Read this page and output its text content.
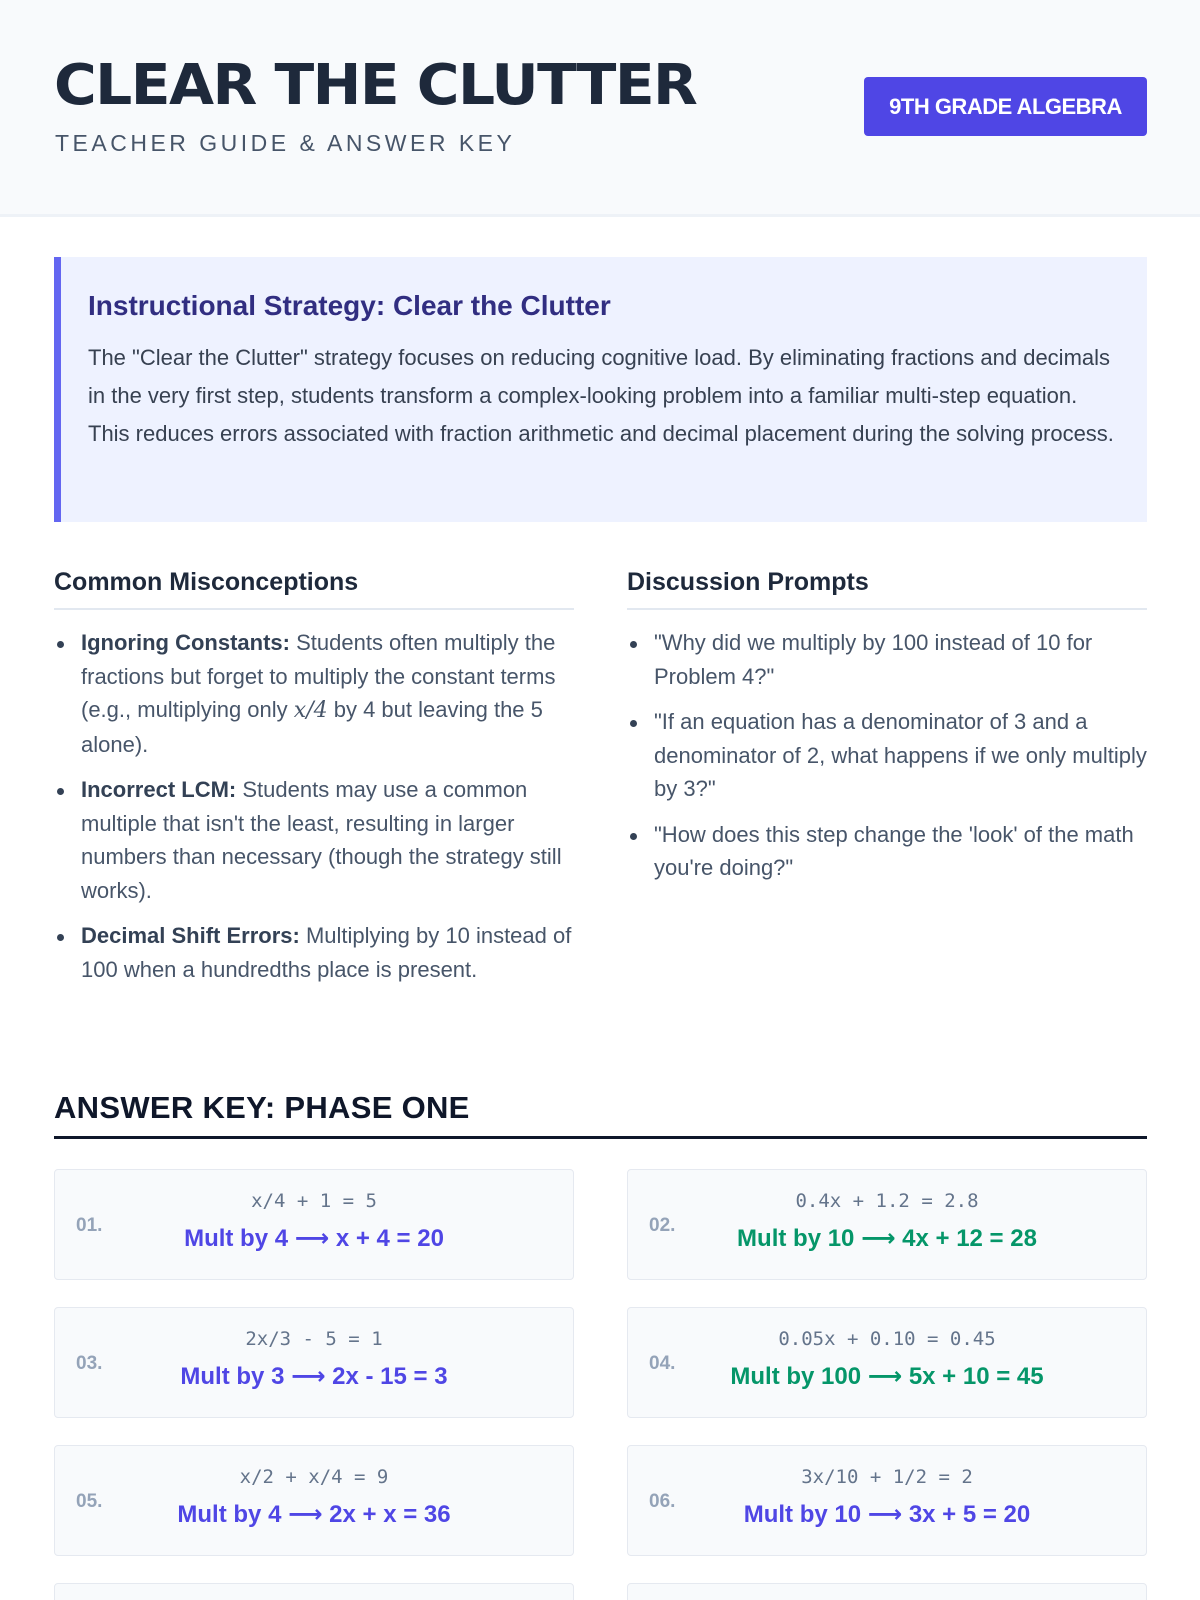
CLEAR THE CLUTTER
TEACHER GUIDE & ANSWER KEY
9TH GRADE ALGEBRA
Instructional Strategy: Clear the Clutter
The "Clear the Clutter" strategy focuses on reducing cognitive load. By eliminating fractions and decimals in the very first step, students transform a complex-looking problem into a familiar multi-step equation. This reduces errors associated with fraction arithmetic and decimal placement during the solving process.
Common Misconceptions
Ignoring Constants: Students often multiply the fractions but forget to multiply the constant terms (e.g., multiplying only x/4 by 4 but leaving the 5 alone).
Incorrect LCM: Students may use a common multiple that isn't the least, resulting in larger numbers than necessary (though the strategy still works).
Decimal Shift Errors: Multiplying by 10 instead of 100 when a hundredths place is present.
Discussion Prompts
"Why did we multiply by 100 instead of 10 for Problem 4?"
"If an equation has a denominator of 3 and a denominator of 2, what happens if we only multiply by 3?"
"How does this step change the 'look' of the math you're doing?"
ANSWER KEY: PHASE ONE
01.
x/4 + 1 = 5
Mult by 4 ⟶ x + 4 = 20	02.
0.4x + 1.2 = 2.8
Mult by 10 ⟶ 4x + 12 = 28
03.
2x/3 - 5 = 1
Mult by 3 ⟶ 2x - 15 = 3	04.
0.05x + 0.10 = 0.45
Mult by 100 ⟶ 5x + 10 = 45
05.
x/2 + x/4 = 9
Mult by 4 ⟶ 2x + x = 36	06.
3x/10 + 1/2 = 2
Mult by 10 ⟶ 3x + 5 = 20
